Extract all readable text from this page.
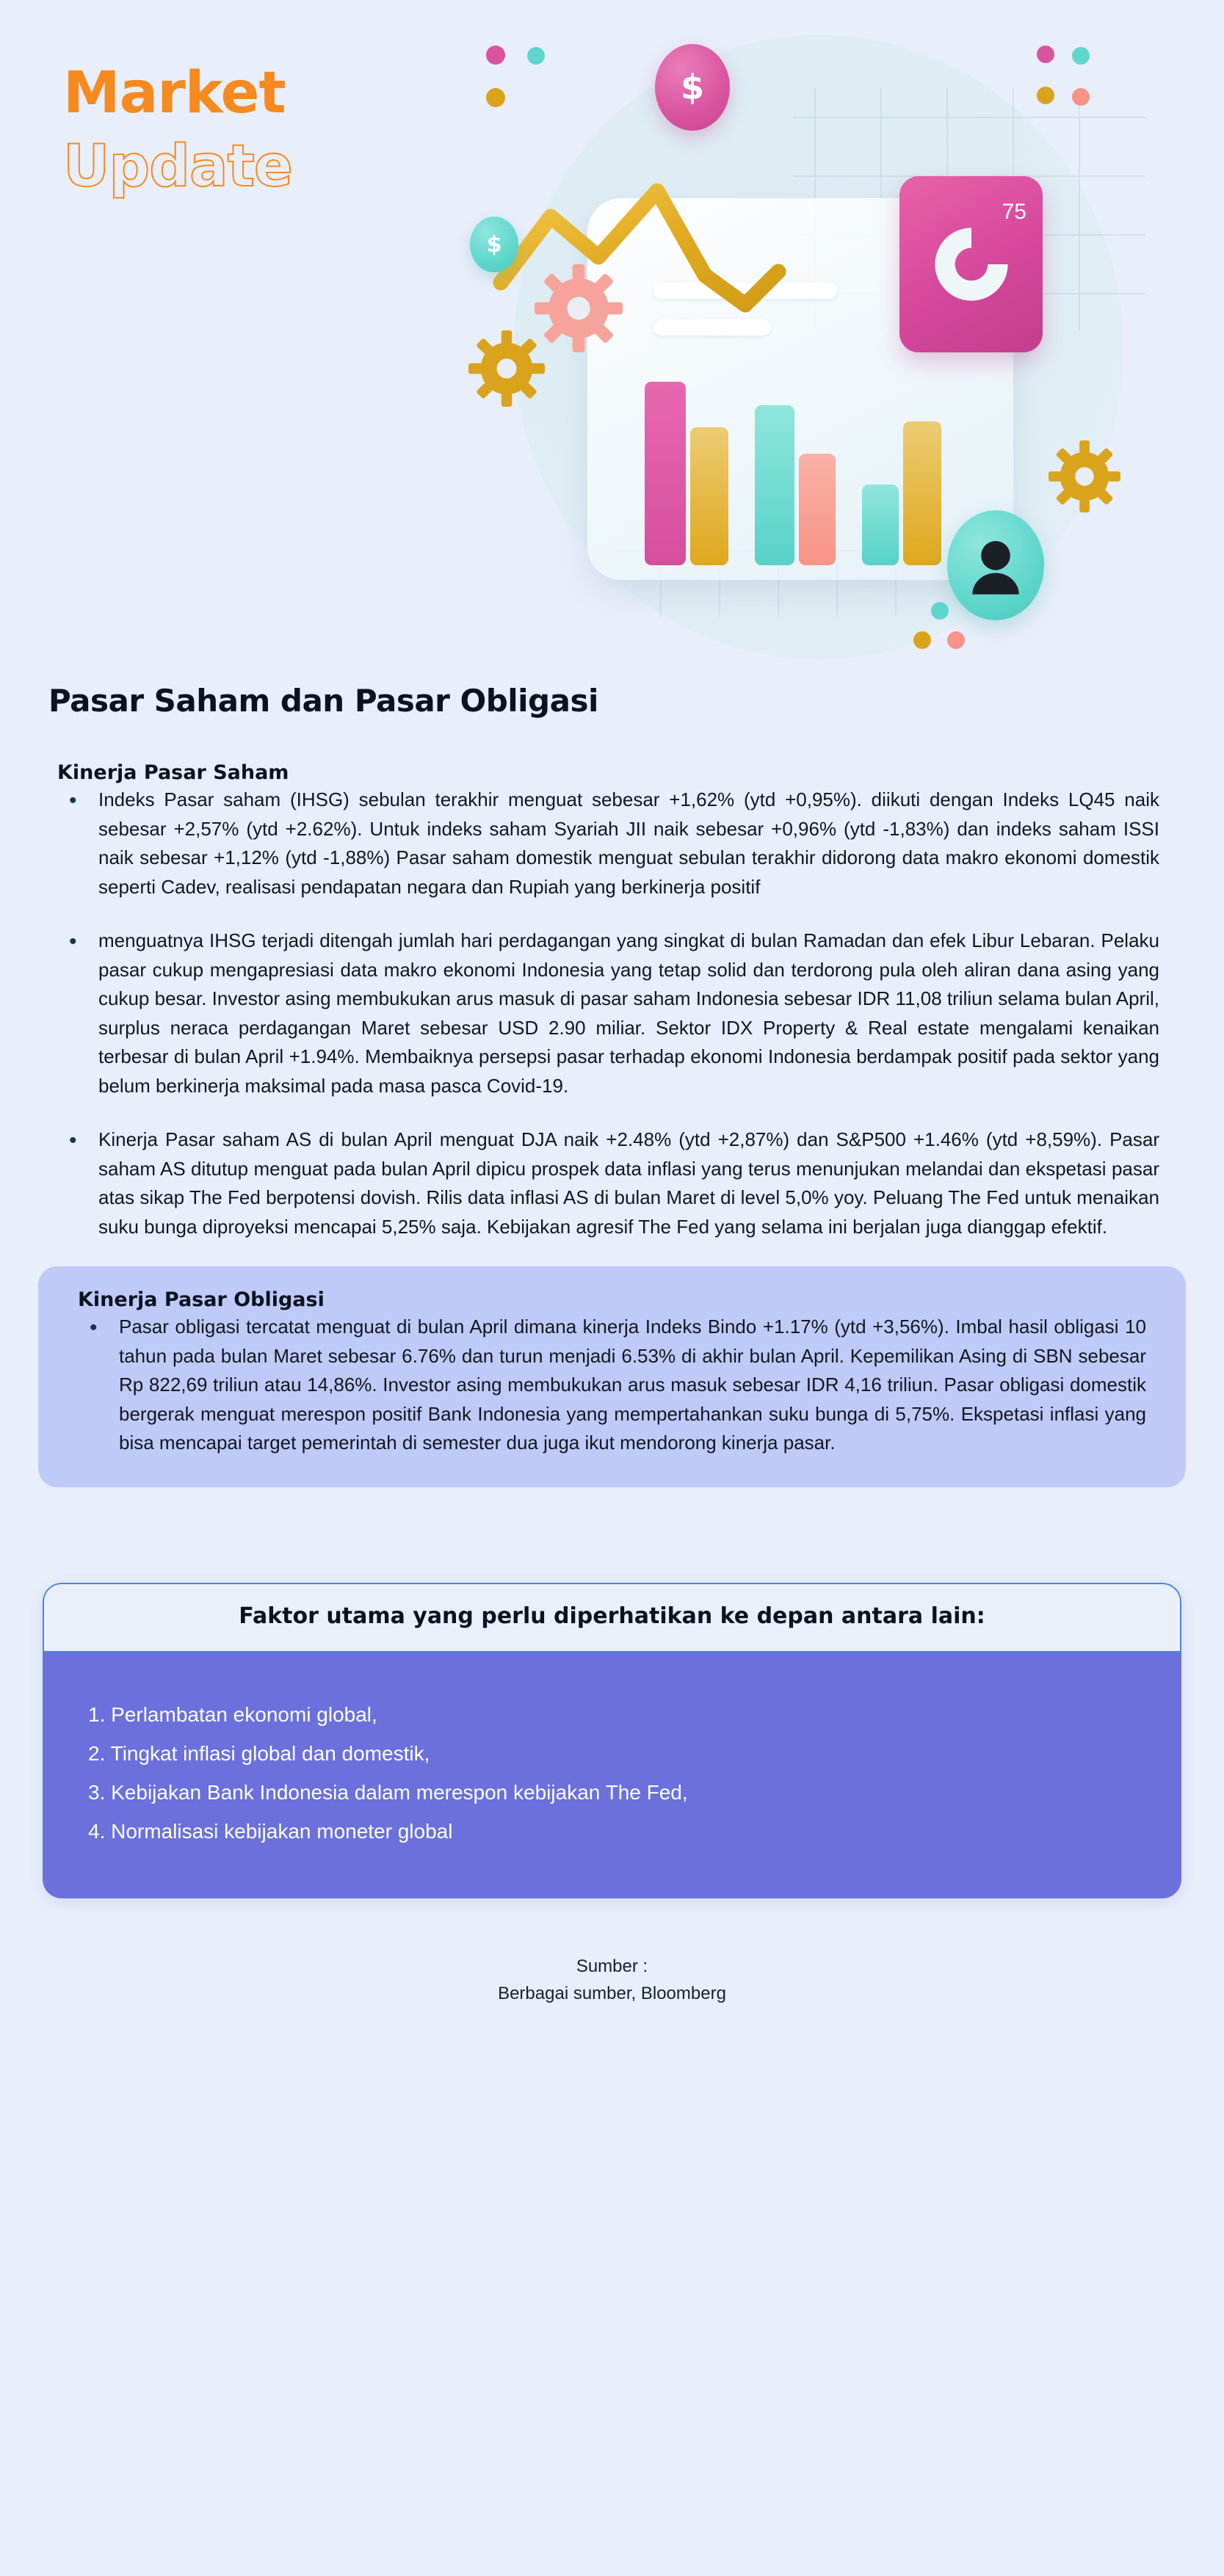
Market
Update
$
$
75
Pasar Saham dan Pasar Obligasi
Kinerja Pasar Saham
• Indeks Pasar saham (IHSG) sebulan terakhir menguat sebesar +1,62% (ytd +0,95%). diikuti dengan Indeks LQ45 naik sebesar +2,57% (ytd +2.62%). Untuk indeks saham Syariah JII naik sebesar +0,96% (ytd -1,83%) dan indeks saham ISSI naik sebesar +1,12% (ytd -1,88%) Pasar saham domestik menguat sebulan terakhir didorong data makro ekonomi domestik seperti Cadev, realisasi pendapatan negara dan Rupiah yang berkinerja positif
• menguatnya IHSG terjadi ditengah jumlah hari perdagangan yang singkat di bulan Ramadan dan efek Libur Lebaran. Pelaku pasar cukup mengapresiasi data makro ekonomi Indonesia yang tetap solid dan terdorong pula oleh aliran dana asing yang cukup besar. Investor asing membukukan arus masuk di pasar saham Indonesia sebesar IDR 11,08 triliun selama bulan April, surplus neraca perdagangan Maret sebesar USD 2.90 miliar. Sektor IDX Property & Real estate mengalami kenaikan terbesar di bulan April +1.94%. Membaiknya persepsi pasar terhadap ekonomi Indonesia berdampak positif pada sektor yang belum berkinerja maksimal pada masa pasca Covid-19.
• Kinerja Pasar saham AS di bulan April menguat DJA naik +2.48% (ytd +2,87%) dan S&P500 +1.46% (ytd +8,59%). Pasar saham AS ditutup menguat pada bulan April dipicu prospek data inflasi yang terus menunjukan melandai dan ekspetasi pasar atas sikap The Fed berpotensi dovish. Rilis data inflasi AS di bulan Maret di level 5,0% yoy. Peluang The Fed untuk menaikan suku bunga diproyeksi mencapai 5,25% saja. Kebijakan agresif The Fed yang selama ini berjalan juga dianggap efektif.
Kinerja Pasar Obligasi
• Pasar obligasi tercatat menguat di bulan April dimana kinerja Indeks Bindo +1.17% (ytd +3,56%). Imbal hasil obligasi 10 tahun pada bulan Maret sebesar 6.76% dan turun menjadi 6.53% di akhir bulan April. Kepemilikan Asing di SBN sebesar Rp 822,69 triliun atau 14,86%. Investor asing membukukan arus masuk sebesar IDR 4,16 triliun. Pasar obligasi domestik bergerak menguat merespon positif Bank Indonesia yang mempertahankan suku bunga di 5,75%. Ekspetasi inflasi yang bisa mencapai target pemerintah di semester dua juga ikut mendorong kinerja pasar.
Faktor utama yang perlu diperhatikan ke depan antara lain:
1. Perlambatan ekonomi global,
2. Tingkat inflasi global dan domestik,
3. Kebijakan Bank Indonesia dalam merespon kebijakan The Fed,
4. Normalisasi kebijakan moneter global
Sumber :
Berbagai sumber, Bloomberg
